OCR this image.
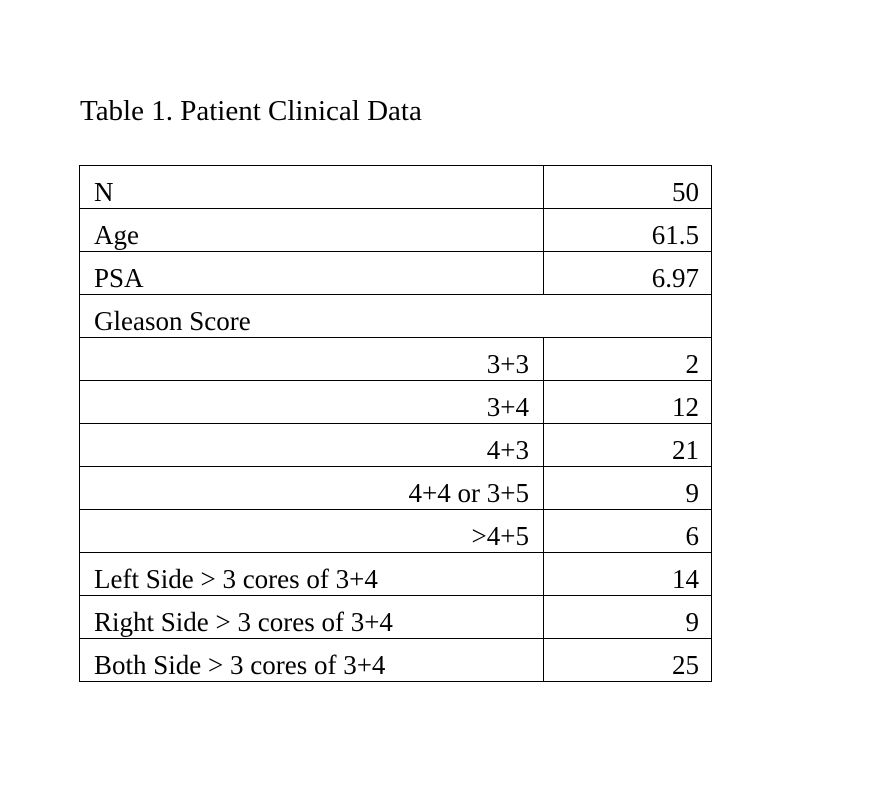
Table 1. Patient Clinical Data
N	50
Age	61.5
PSA	6.97
Gleason Score	
3+3	2
3+4	12
4+3	21
4+4 or 3+5	9
>4+5	6
Left Side > 3 cores of 3+4	14
Right Side > 3 cores of 3+4	9
Both Side > 3 cores of 3+4	25
